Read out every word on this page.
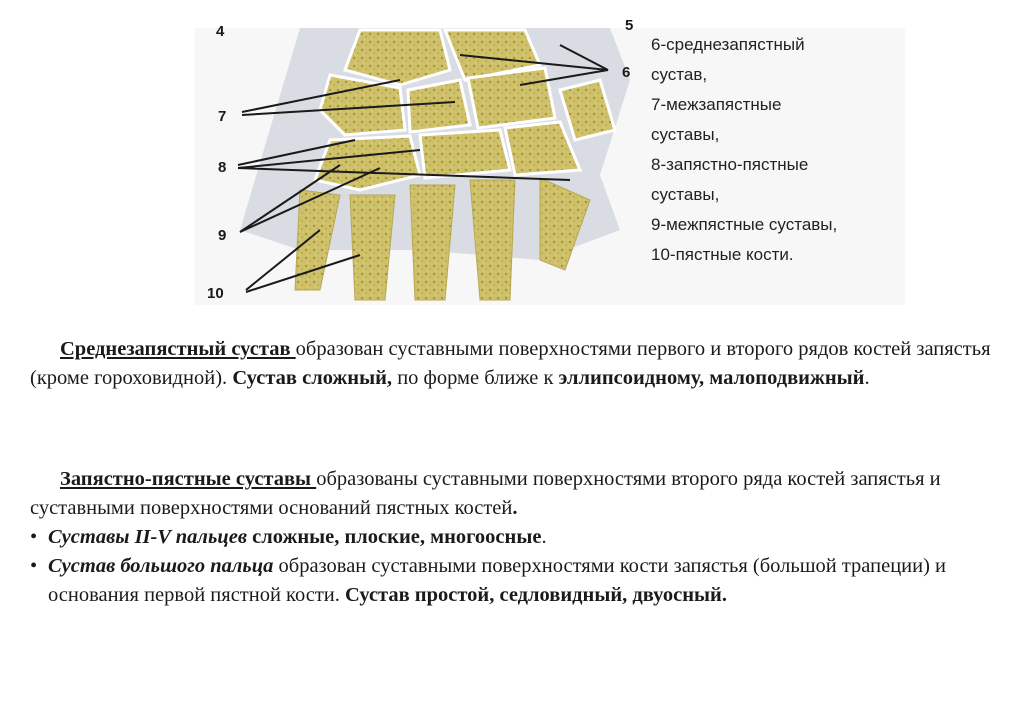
4	5
6
7
8
9
10
6-среднезапястный
сустав,
7-межзапястные
суставы,
8-запястно-пястные
суставы,
9-межпястные суставы,
10-пястные кости.

Среднезапястный сустав образован суставными поверхностями первого и второго рядов костей запястья (кроме гороховидной). Сустав сложный, по форме ближе к эллипсоидному, малоподвижный.

Запястно-пястные суставы образованы суставными поверхностями второго ряда костей запястья и суставными поверхностями оснований пястных костей.

• Суставы II-V пальцев сложные, плоские, многоосные.
• Сустав большого пальца образован суставными поверхностями кости запястья (большой трапеции) и основания первой пястной кости. Сустав простой, седловидный, двуосный.
